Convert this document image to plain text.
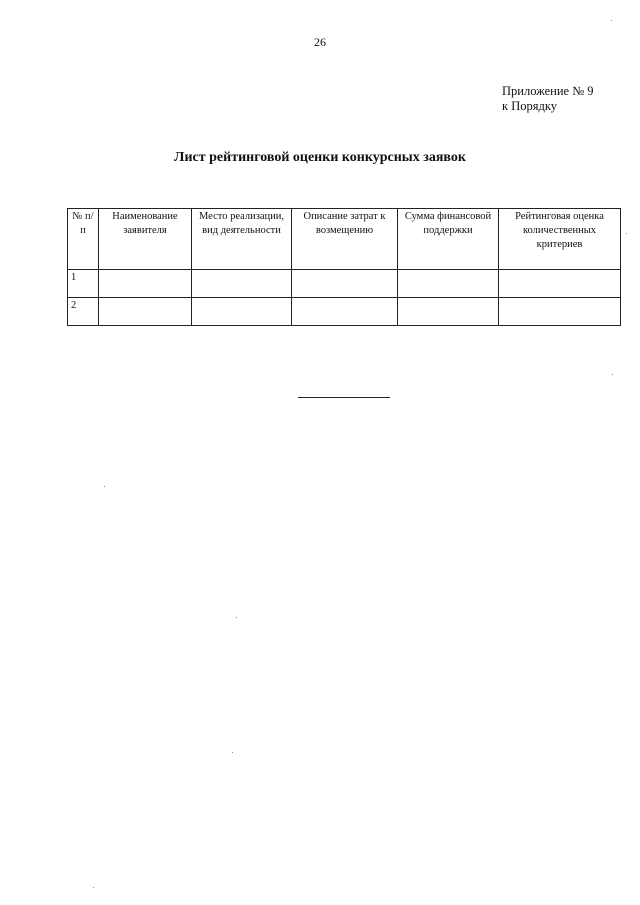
26
Приложение № 9
к Порядку
Лист рейтинговой оценки конкурсных заявок
№ п/п	Наименование заявителя	Место реализации, вид деятельности	Описание затрат к возмещению	Сумма финансовой поддержки	Рейтинговая оценка количественных критериев
1					
2					
